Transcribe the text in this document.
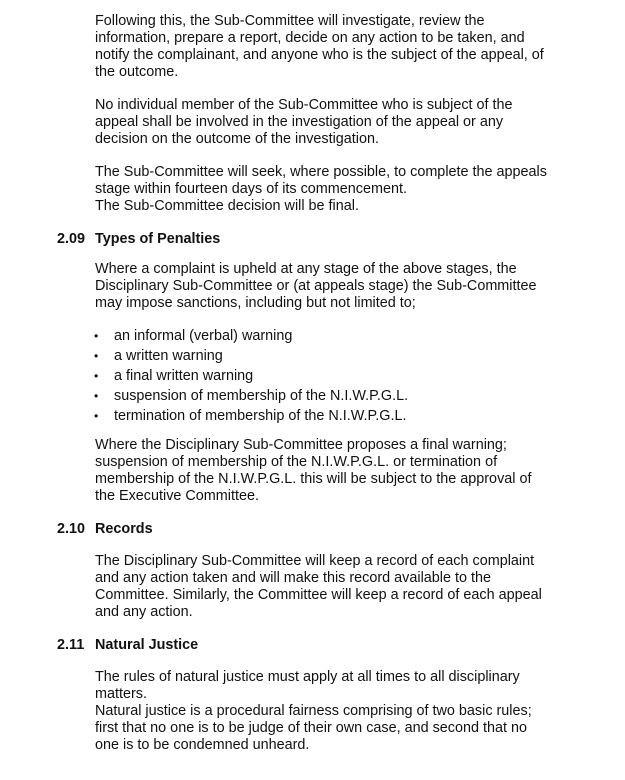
Following this, the Sub-Committee will investigate, review the
information, prepare a report, decide on any action to be taken, and
notify the complainant, and anyone who is the subject of the appeal, of
the outcome.

No individual member of the Sub-Committee who is subject of the
appeal shall be involved in the investigation of the appeal or any
decision on the outcome of the investigation.

The Sub-Committee will seek, where possible, to complete the appeals
stage within fourteen days of its commencement.
The Sub-Committee decision will be final.

2.09 Types of Penalties

Where a complaint is upheld at any stage of the above stages, the
Disciplinary Sub-Committee or (at appeals stage) the Sub-Committee
may impose sanctions, including but not limited to;

• an informal (verbal) warning
• a written warning
• a final written warning
• suspension of membership of the N.I.W.P.G.L.
• termination of membership of the N.I.W.P.G.L.

Where the Disciplinary Sub-Committee proposes a final warning;
suspension of membership of the N.I.W.P.G.L. or termination of
membership of the N.I.W.P.G.L. this will be subject to the approval of
the Executive Committee.

2.10 Records

The Disciplinary Sub-Committee will keep a record of each complaint
and any action taken and will make this record available to the
Committee. Similarly, the Committee will keep a record of each appeal
and any action.

2.11 Natural Justice

The rules of natural justice must apply at all times to all disciplinary
matters.
Natural justice is a procedural fairness comprising of two basic rules;
first that no one is to be judge of their own case, and second that no
one is to be condemned unheard.
